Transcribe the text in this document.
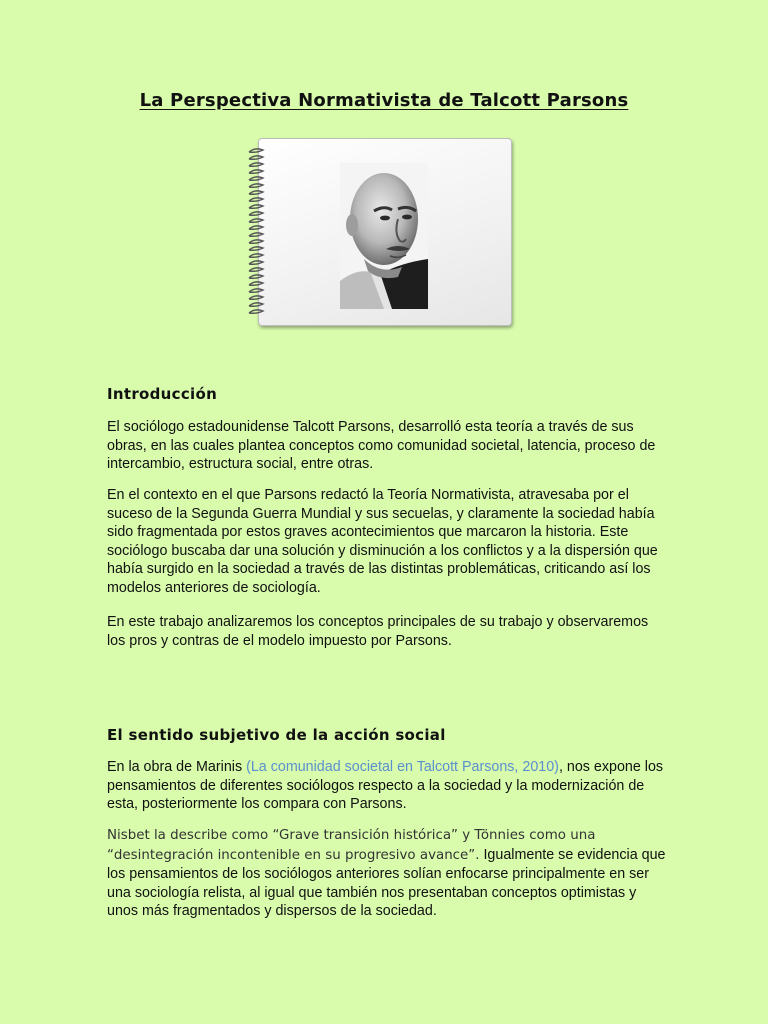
La Perspectiva Normativista de Talcott Parsons
Introducción

El sociólogo estadounidense Talcott Parsons, desarrolló esta teoría a través de sus obras, en las cuales plantea conceptos como comunidad societal, latencia, proceso de intercambio, estructura social, entre otras.

En el contexto en el que Parsons redactó la Teoría Normativista, atravesaba por el suceso de la Segunda Guerra Mundial y sus secuelas, y claramente la sociedad había sido fragmentada por estos graves acontecimientos que marcaron la historia. Este sociólogo buscaba dar una solución y disminución a los conflictos y a la dispersión que había surgido en la sociedad a través de las distintas problemáticas, criticando así los modelos anteriores de sociología.

En este trabajo analizaremos los conceptos principales de su trabajo y observaremos los pros y contras de el modelo impuesto por Parsons.

El sentido subjetivo de la acción social

En la obra de Marinis (La comunidad societal en Talcott Parsons, 2010), nos expone los pensamientos de diferentes sociólogos respecto a la sociedad y la modernización de esta, posteriormente los compara con Parsons.

Nisbet la describe como “Grave transición histórica” y Tönnies como una “desintegración incontenible en su progresivo avance”. Igualmente se evidencia que los pensamientos de los sociólogos anteriores solían enfocarse principalmente en ser una sociología relista, al igual que también nos presentaban conceptos optimistas y unos más fragmentados y dispersos de la sociedad.
